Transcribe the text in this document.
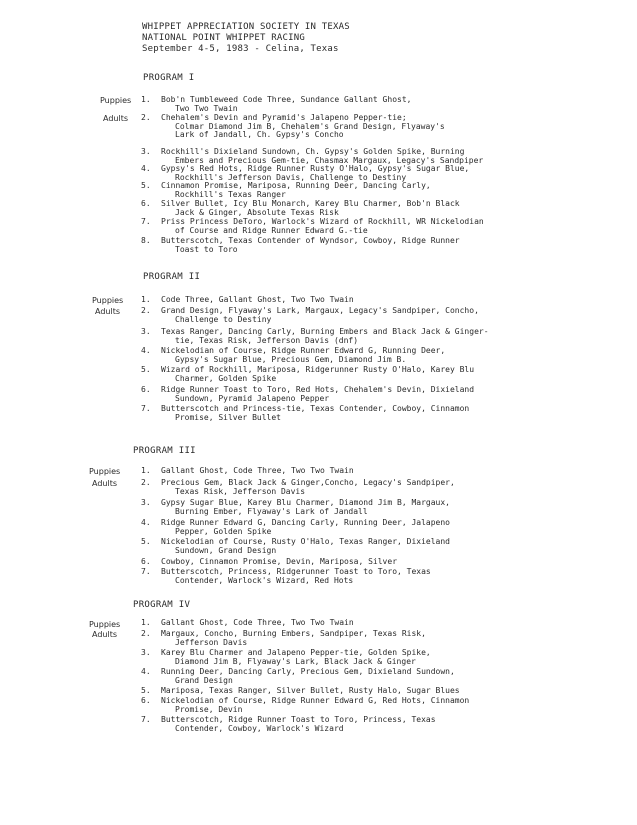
WHIPPET APPRECIATION SOCIETY IN TEXAS
NATIONAL POINT WHIPPET RACING
September 4-5, 1983 - Celina, Texas
PROGRAM I
Puppies
Adults
1.	Bob'n Tumbleweed Code Three, Sundance Gallant Ghost,
Two Two Twain
2.	Chehalem's Devin and Pyramid's Jalapeno Pepper-tie;
Colmar Diamond Jim B, Chehalem's Grand Design, Flyaway's
Lark of Jandall, Ch. Gypsy's Concho
3.	Rockhill's Dixieland Sundown, Ch. Gypsy's Golden Spike, Burning
Embers and Precious Gem-tie, Chasmax Margaux, Legacy's Sandpiper
4.	Gypsy's Red Hots, Ridge Runner Rusty O'Halo, Gypsy's Sugar Blue,
Rockhill's Jefferson Davis, Challenge to Destiny
5.	Cinnamon Promise, Mariposa, Running Deer, Dancing Carly,
Rockhill's Texas Ranger
6.	Silver Bullet, Icy Blu Monarch, Karey Blu Charmer, Bob'n Black
Jack & Ginger, Absolute Texas Risk
7.	Priss Princess DeToro, Warlock's Wizard of Rockhill, WR Nickelodian
of Course and Ridge Runner Edward G.-tie
8.	Butterscotch, Texas Contender of Wyndsor, Cowboy, Ridge Runner
Toast to Toro
PROGRAM II
Puppies
Adults
1.	Code Three, Gallant Ghost, Two Two Twain
2.	Grand Design, Flyaway's Lark, Margaux, Legacy's Sandpiper, Concho,
Challenge to Destiny
3.	Texas Ranger, Dancing Carly, Burning Embers and Black Jack & Ginger-
tie, Texas Risk, Jefferson Davis (dnf)
4.	Nickelodian of Course, Ridge Runner Edward G, Running Deer,
Gypsy's Sugar Blue, Precious Gem, Diamond Jim B.
5.	Wizard of Rockhill, Mariposa, Ridgerunner Rusty O'Halo, Karey Blu
Charmer, Golden Spike
6.	Ridge Runner Toast to Toro, Red Hots, Chehalem's Devin, Dixieland
Sundown, Pyramid Jalapeno Pepper
7.	Butterscotch and Princess-tie, Texas Contender, Cowboy, Cinnamon
Promise, Silver Bullet
PROGRAM III
Puppies
Adults
1.	Gallant Ghost, Code Three, Two Two Twain
2.	Precious Gem, Black Jack & Ginger,Concho, Legacy's Sandpiper,
Texas Risk, Jefferson Davis
3.	Gypsy Sugar Blue, Karey Blu Charmer, Diamond Jim B, Margaux,
Burning Ember, Flyaway's Lark of Jandall
4.	Ridge Runner Edward G, Dancing Carly, Running Deer, Jalapeno
Pepper, Golden Spike
5.	Nickelodian of Course, Rusty O'Halo, Texas Ranger, Dixieland
Sundown, Grand Design
6.	Cowboy, Cinnamon Promise, Devin, Mariposa, Silver
7.	Butterscotch, Princess, Ridgerunner Toast to Toro, Texas
Contender, Warlock's Wizard, Red Hots
PROGRAM IV
Puppies
Adults
1.	Gallant Ghost, Code Three, Two Two Twain
2.	Margaux, Concho, Burning Embers, Sandpiper, Texas Risk,
Jefferson Davis
3.	Karey Blu Charmer and Jalapeno Pepper-tie, Golden Spike,
Diamond Jim B, Flyaway's Lark, Black Jack & Ginger
4.	Running Deer, Dancing Carly, Precious Gem, Dixieland Sundown,
Grand Design
5.	Mariposa, Texas Ranger, Silver Bullet, Rusty Halo, Sugar Blues
6.	Nickelodian of Course, Ridge Runner Edward G, Red Hots, Cinnamon
Promise, Devin
7.	Butterscotch, Ridge Runner Toast to Toro, Princess, Texas
Contender, Cowboy, Warlock's Wizard
